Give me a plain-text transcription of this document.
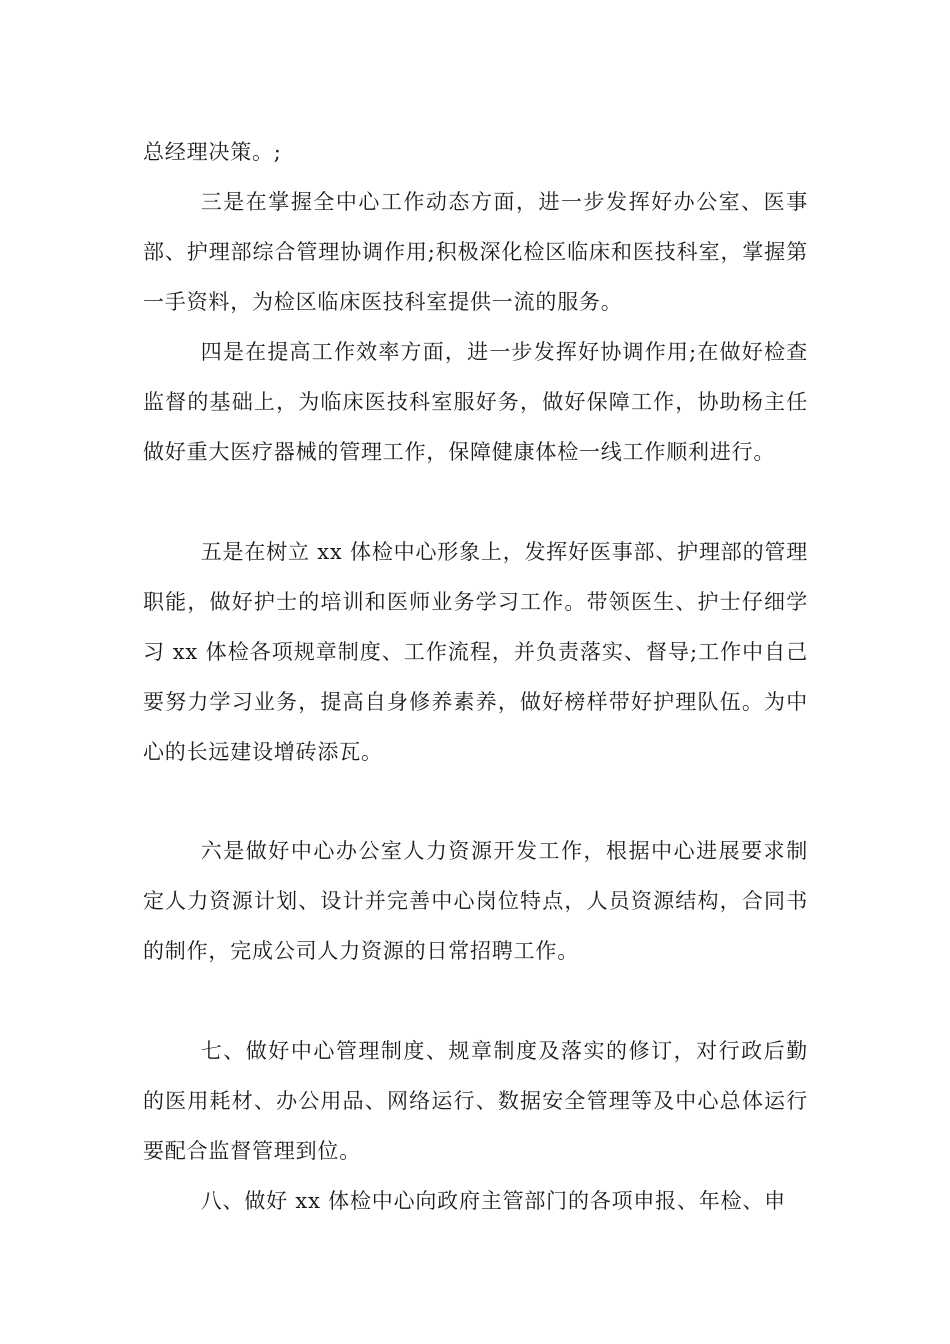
总经理决策。;

三是在掌握全中心工作动态方面，进一步发挥好办公室、医事部、护理部综合管理协调作用;积极深化检区临床和医技科室，掌握第一手资料，为检区临床医技科室提供一流的服务。

四是在提高工作效率方面，进一步发挥好协调作用;在做好检查监督的基础上，为临床医技科室服好务，做好保障工作，协助杨主任做好重大医疗器械的管理工作，保障健康体检一线工作顺利进行。

五是在树立 xx 体检中心形象上，发挥好医事部、护理部的管理职能，做好护士的培训和医师业务学习工作。带领医生、护士仔细学习 xx 体检各项规章制度、工作流程，并负责落实、督导;工作中自己要努力学习业务，提高自身修养素养，做好榜样带好护理队伍。为中心的长远建设增砖添瓦。

六是做好中心办公室人力资源开发工作，根据中心进展要求制定人力资源计划、设计并完善中心岗位特点，人员资源结构，合同书的制作，完成公司人力资源的日常招聘工作。

七、做好中心管理制度、规章制度及落实的修订，对行政后勤的医用耗材、办公用品、网络运行、数据安全管理等及中心总体运行要配合监督管理到位。

八、做好 xx 体检中心向政府主管部门的各项申报、年检、申
